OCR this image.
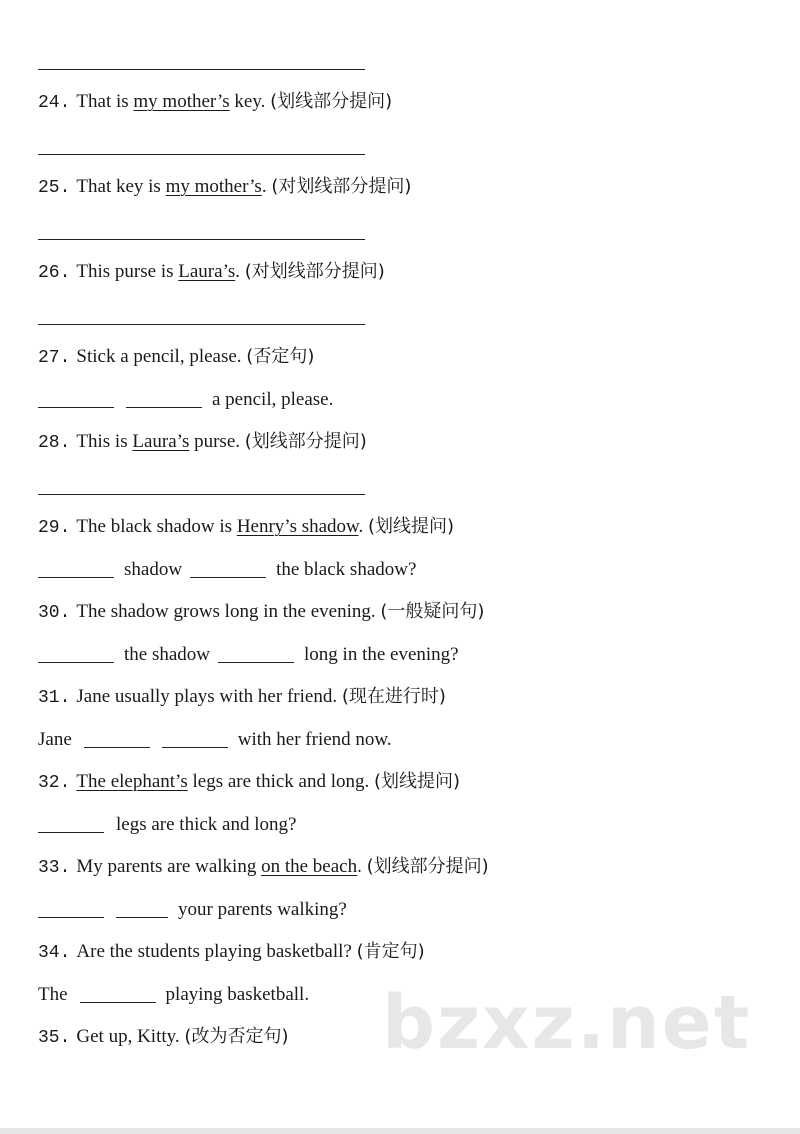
24. That is my mother’s key. (划线部分提问)
25. That key is my mother’s. (对划线部分提问)
26. This purse is Laura’s. (对划线部分提问)
27. Stick a pencil, please. (否定句)
a pencil, please.
28. This is Laura’s purse. (划线部分提问)
29. The black shadow is Henry’s shadow. (划线提问)
shadow	the black shadow?
30. The shadow grows long in the evening. (一般疑问句)
the shadow	long in the evening?
31. Jane usually plays with her friend. (现在进行时)
Jane	with her friend now.
32. The elephant’s legs are thick and long. (划线提问)
legs are thick and long?
33. My parents are walking on the beach. (划线部分提问)
your parents walking?
34. Are the students playing basketball? (肯定句)
The	playing basketball.
35. Get up, Kitty. (改为否定句) bzxz.net
